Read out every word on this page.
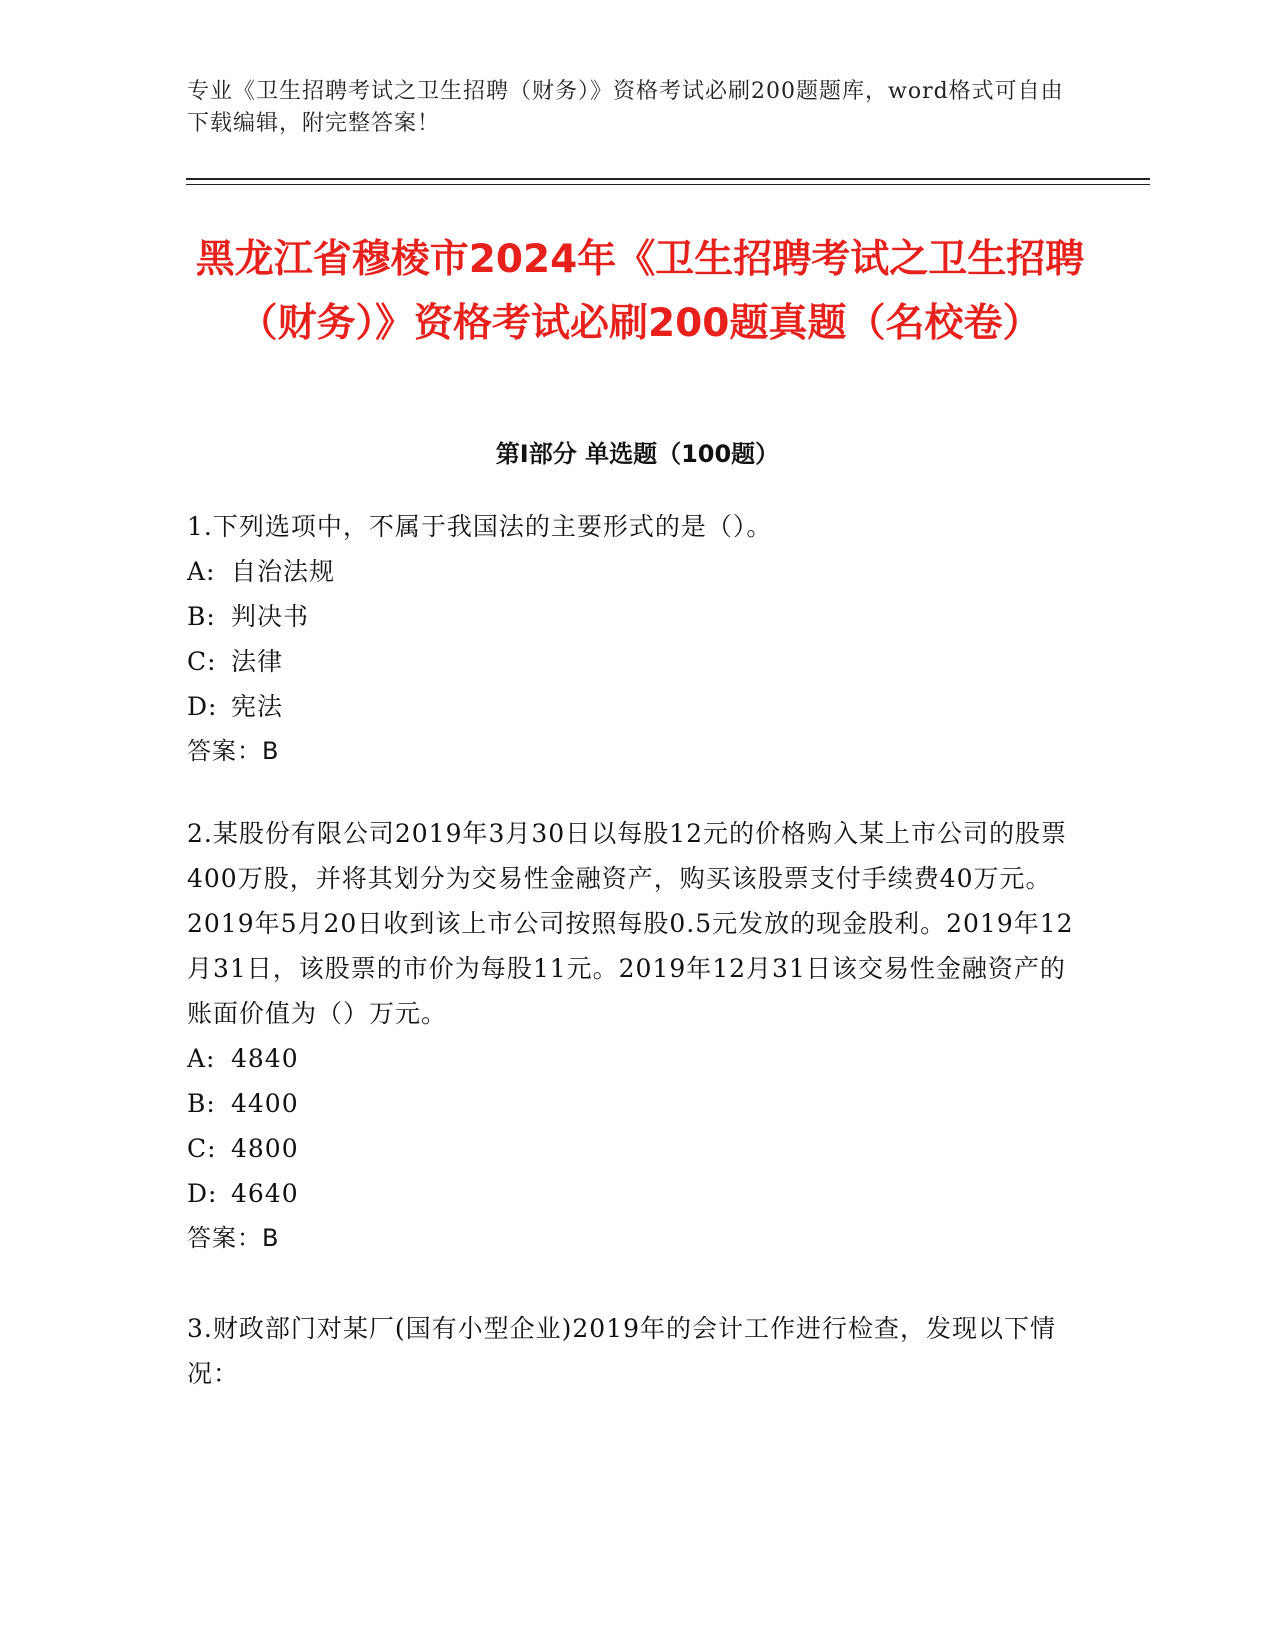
专业《卫生招聘考试之卫生招聘（财务）》资格考试必刷200题题库，word格式可自由下载编辑，附完整答案！
黑龙江省穆棱市2024年《卫生招聘考试之卫生招聘（财务）》资格考试必刷200题真题（名校卷）
第Ⅰ部分 单选题（100题）

1.下列选项中，不属于我国法的主要形式的是（）。

A: 自治法规

B: 判决书

C: 法律

D: 宪法

答案：B

2.某股份有限公司2019年3月30日以每股12元的价格购入某上市公司的股票400万股，并将其划分为交易性金融资产，购买该股票支付手续费40万元。2019年5月20日收到该上市公司按照每股0.5元发放的现金股利。2019年12月31日，该股票的市价为每股11元。2019年12月31日该交易性金融资产的账面价值为（）万元。

A: 4840

B: 4400

C: 4800

D: 4640

答案：B

3.财政部门对某厂(国有小型企业)2019年的会计工作进行检查，发现以下情况：
